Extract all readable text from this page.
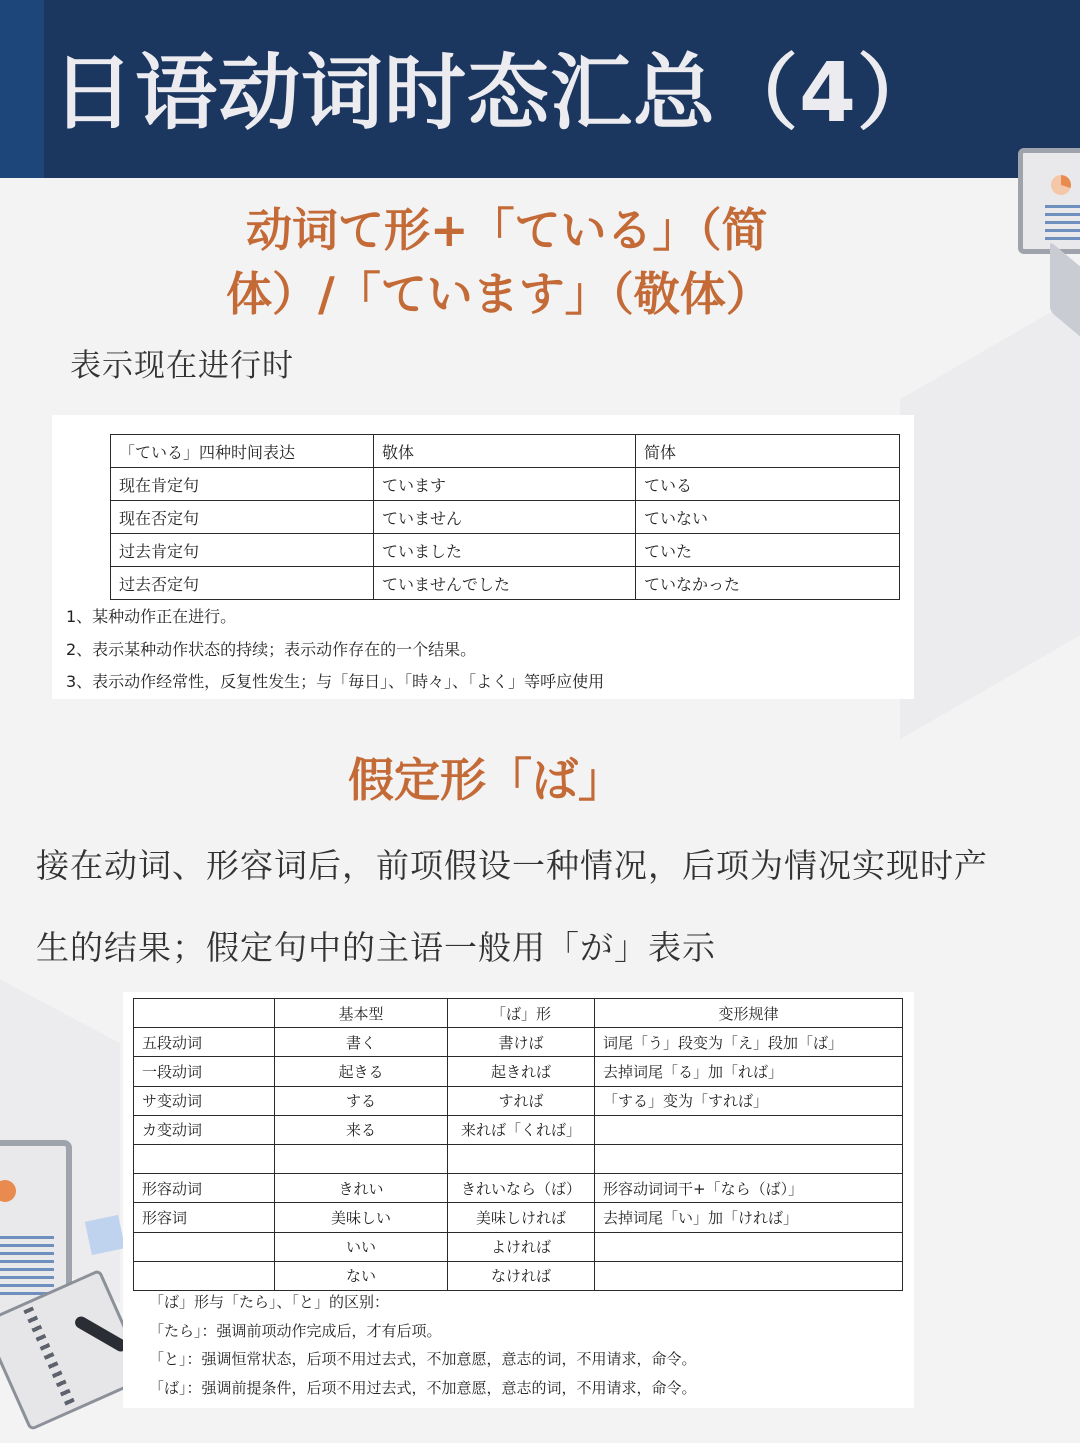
日语动词时态汇总（4）
动词て形+「ている」（简
体）/「ています」（敬体）
表示现在进行时
「ている」四种时间表达	敬体	简体
现在肯定句	ています	ている
现在否定句	ていません	ていない
过去肯定句	ていました	ていた
过去否定句	ていませんでした	ていなかった
1、某种动作正在进行。
2、表示某种动作状态的持续；表示动作存在的一个结果。
3、表示动作经常性，反复性发生；与「毎日」、「時々」、「よく」等呼应使用
假定形「ば」
接在动词、形容词后，前项假设一种情况，后项为情况实现时产
生的结果；假定句中的主语一般用「が」表示
	基本型	「ば」形	变形规律
五段动词	書く	書けば	词尾「う」段变为「え」段加「ば」
一段动词	起きる	起きれば	去掉词尾「る」加「れば」
サ变动词	する	すれば	「する」变为「すれば」
カ变动词	来る	来れば「くれば」	

形容动词	きれい	きれいなら（ば）	形容动词词干+「なら（ば）」
形容词	美味しい	美味しければ	去掉词尾「い」加「ければ」
	いい	よければ	
	ない	なければ	
「ば」形与「たら」、「と」的区别：
「たら」：强调前项动作完成后，才有后项。
「と」：强调恒常状态，后项不用过去式，不加意愿，意志的词，不用请求，命令。
「ば」：强调前提条件，后项不用过去式，不加意愿，意志的词，不用请求，命令。
